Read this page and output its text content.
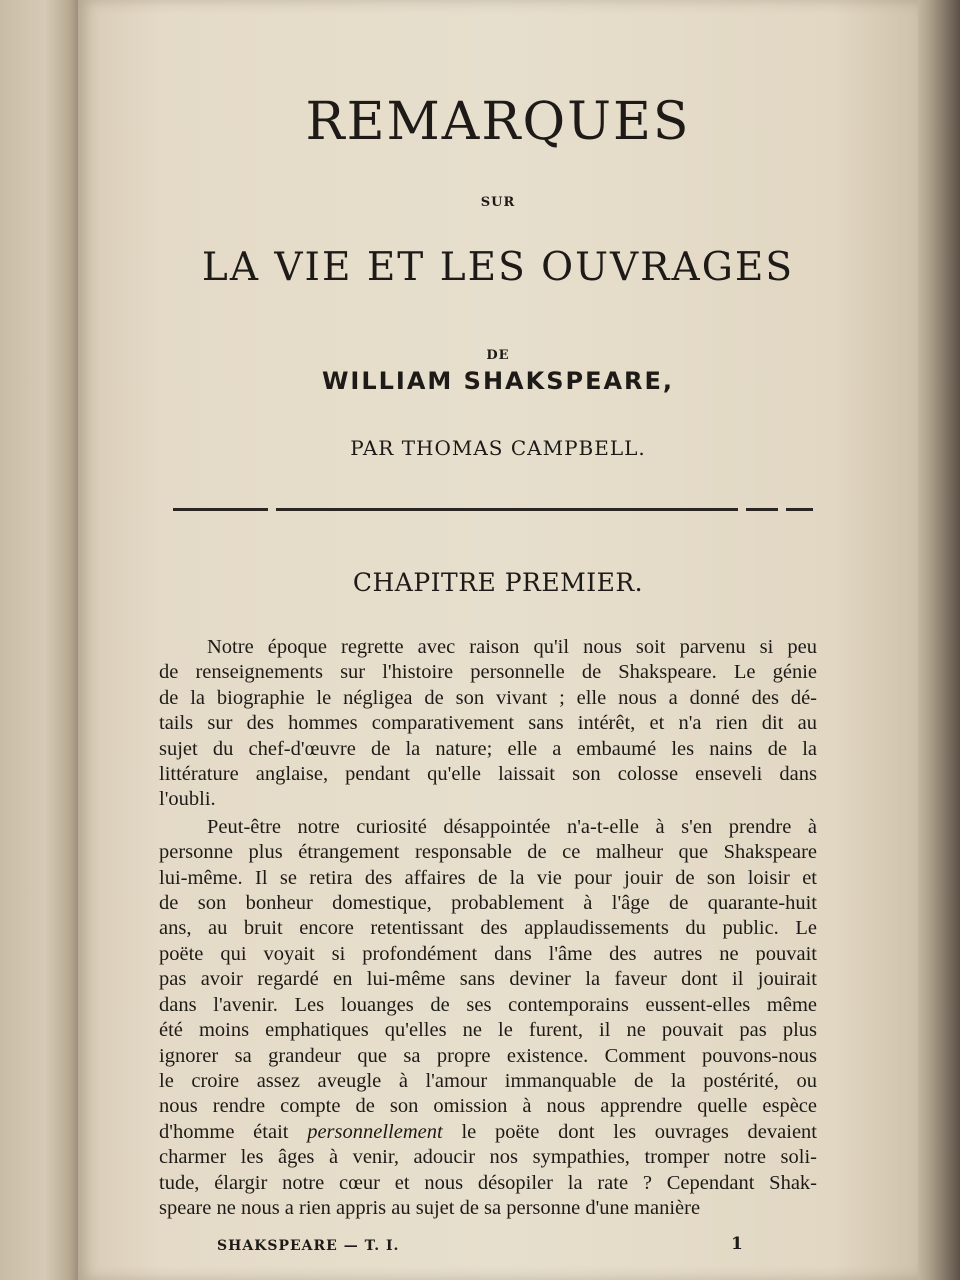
REMARQUES
SUR
LA VIE ET LES OUVRAGES
DE
WILLIAM SHAKSPEARE,
PAR THOMAS CAMPBELL.
CHAPITRE PREMIER.
Notre époque regrette avec raison qu'il nous soit parvenu si peu
de renseignements sur l'histoire personnelle de Shakspeare. Le génie
de la biographie le négligea de son vivant ; elle nous a donné des dé-
tails sur des hommes comparativement sans intérêt, et n'a rien dit au
sujet du chef-d'œuvre de la nature; elle a embaumé les nains de la
littérature anglaise, pendant qu'elle laissait son colosse enseveli dans
l'oubli.
Peut-être notre curiosité désappointée n'a-t-elle à s'en prendre à
personne plus étrangement responsable de ce malheur que Shakspeare
lui-même. Il se retira des affaires de la vie pour jouir de son loisir et
de son bonheur domestique, probablement à l'âge de quarante-huit
ans, au bruit encore retentissant des applaudissements du public. Le
poëte qui voyait si profondément dans l'âme des autres ne pouvait
pas avoir regardé en lui-même sans deviner la faveur dont il jouirait
dans l'avenir. Les louanges de ses contemporains eussent-elles même
été moins emphatiques qu'elles ne le furent, il ne pouvait pas plus
ignorer sa grandeur que sa propre existence. Comment pouvons-nous
le croire assez aveugle à l'amour immanquable de la postérité, ou
nous rendre compte de son omission à nous apprendre quelle espèce
d'homme était personnellement le poëte dont les ouvrages devaient
charmer les âges à venir, adoucir nos sympathies, tromper notre soli-
tude, élargir notre cœur et nous désopiler la rate ? Cependant Shak-
speare ne nous a rien appris au sujet de sa personne d'une manière
SHAKSPEARE — T. I.	1
